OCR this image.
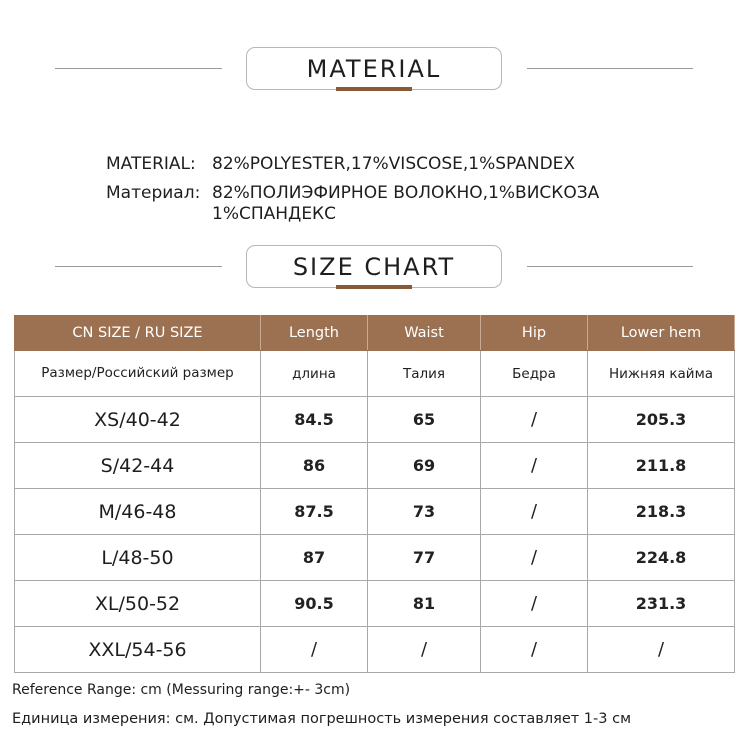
MATERIAL
MATERIAL: 82%POLYESTER,17%VISCOSE,1%SPANDEX
Материал: 82%ПОЛИЭФИРНОЕ ВОЛОКНО,1%ВИСКОЗА
1%СПАНДЕКС
SIZE CHART
CN SIZE / RU SIZE	Length	Waist	Hip	Lower hem
Размер/Российский размер	длина	Талия	Бедра	Нижняя кайма
XS/40-42	84.5	65	/	205.3
S/42-44	86	69	/	211.8
M/46-48	87.5	73	/	218.3
L/48-50	87	77	/	224.8
XL/50-52	90.5	81	/	231.3
XXL/54-56	/	/	/	/
Reference Range: cm (Messuring range:+- 3cm)
Единица измерения: см. Допустимая погрешность измерения составляет 1-3 см
